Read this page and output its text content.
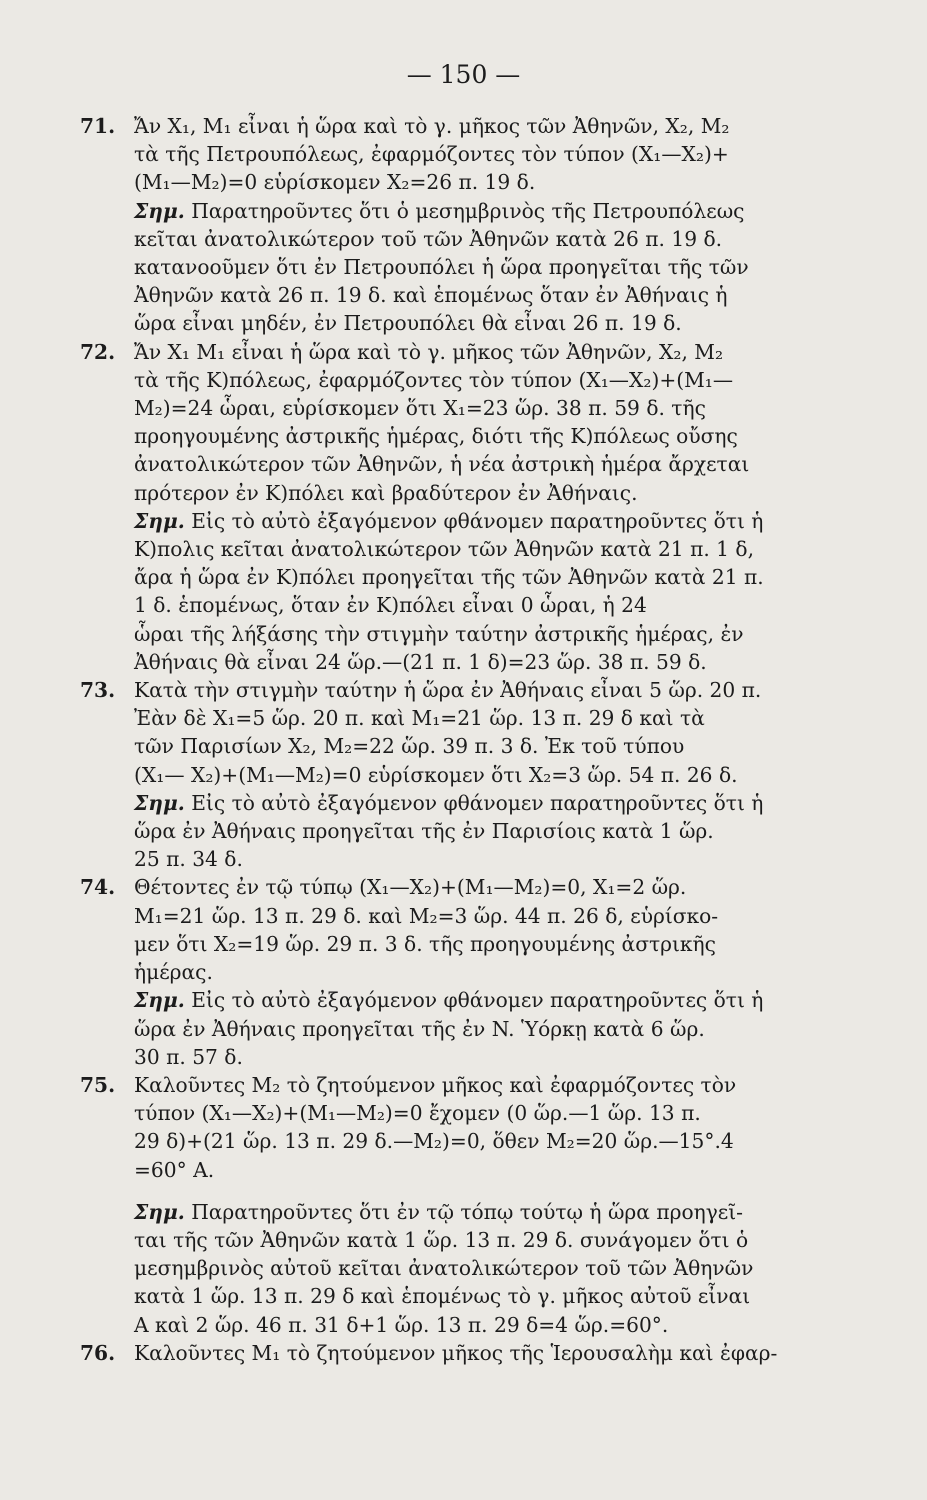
— 150 —
71. Ἄν X₁, M₁ εἶναι ἡ ὥρα καὶ τὸ γ. μῆκος τῶν Ἀθηνῶν, X₂, M₂
τὰ τῆς Πετρουπόλεως, ἐφαρμόζοντες τὸν τύπον (X₁—X₂)+
(M₁—M₂)=0 εὑρίσκομεν X₂=26 π. 19 δ.
Σημ. Παρατηροῦντες ὅτι ὁ μεσημβρινὸς τῆς Πετρουπόλεως
κεῖται ἀνατολικώτερον τοῦ τῶν Ἀθηνῶν κατὰ 26 π. 19 δ.
κατανοοῦμεν ὅτι ἐν Πετρουπόλει ἡ ὥρα προηγεῖται τῆς τῶν
Ἀθηνῶν κατὰ 26 π. 19 δ. καὶ ἑπομένως ὅταν ἐν Ἀθήναις ἡ
ὥρα εἶναι μηδέν, ἐν Πετρουπόλει θὰ εἶναι 26 π. 19 δ.
72. Ἄν X₁ M₁ εἶναι ἡ ὥρα καὶ τὸ γ. μῆκος τῶν Ἀθηνῶν, X₂, M₂
τὰ τῆς K)πόλεως, ἐφαρμόζοντες τὸν τύπον (X₁—X₂)+(M₁—
M₂)=24 ὧραι, εὑρίσκομεν ὅτι X₁=23 ὥρ. 38 π. 59 δ. τῆς
προηγουμένης ἀστρικῆς ἡμέρας, διότι τῆς K)πόλεως οὔσης
ἀνατολικώτερον τῶν Ἀθηνῶν, ἡ νέα ἀστρικὴ ἡμέρα ἄρχεται
πρότερον ἐν K)πόλει καὶ βραδύτερον ἐν Ἀθήναις.
Σημ. Εἰς τὸ αὐτὸ ἐξαγόμενον φθάνομεν παρατηροῦντες ὅτι ἡ
K)πολις κεῖται ἀνατολικώτερον τῶν Ἀθηνῶν κατὰ 21 π. 1 δ,
ἄρα ἡ ὥρα ἐν K)πόλει προηγεῖται τῆς τῶν Ἀθηνῶν κατὰ 21 π.
1 δ. ἑπομένως, ὅταν ἐν K)πόλει εἶναι 0 ὧραι, ἡ 24
ὧραι τῆς λήξάσης τὴν στιγμὴν ταύτην ἀστρικῆς ἡμέρας, ἐν
Ἀθήναις θὰ εἶναι 24 ὥρ.—(21 π. 1 δ)=23 ὥρ. 38 π. 59 δ.
73. Κατὰ τὴν στιγμὴν ταύτην ἡ ὥρα ἐν Ἀθήναις εἶναι 5 ὥρ. 20 π.
Ἐὰν δὲ X₁=5 ὥρ. 20 π. καὶ M₁=21 ὥρ. 13 π. 29 δ καὶ τὰ
τῶν Παρισίων X₂, M₂=22 ὥρ. 39 π. 3 δ. Ἐκ τοῦ τύπου
(X₁— X₂)+(M₁—M₂)=0 εὑρίσκομεν ὅτι X₂=3 ὥρ. 54 π. 26 δ.
Σημ. Εἰς τὸ αὐτὸ ἐξαγόμενον φθάνομεν παρατηροῦντες ὅτι ἡ
ὥρα ἐν Ἀθήναις προηγεῖται τῆς ἐν Παρισίοις κατὰ 1 ὥρ.
25 π. 34 δ.
74. Θέτοντες ἐν τῷ τύπῳ (X₁—X₂)+(M₁—M₂)=0, X₁=2 ὥρ.
M₁=21 ὥρ. 13 π. 29 δ. καὶ M₂=3 ὥρ. 44 π. 26 δ, εὑρίσκο-
μεν ὅτι X₂=19 ὥρ. 29 π. 3 δ. τῆς προηγουμένης ἀστρικῆς
ἡμέρας.
Σημ. Εἰς τὸ αὐτὸ ἐξαγόμενον φθάνομεν παρατηροῦντες ὅτι ἡ
ὥρα ἐν Ἀθήναις προηγεῖται τῆς ἐν N. Ὑόρκῃ κατὰ 6 ὥρ.
30 π. 57 δ.
75. Καλοῦντες M₂ τὸ ζητούμενον μῆκος καὶ ἐφαρμόζοντες τὸν
τύπον (X₁—X₂)+(M₁—M₂)=0 ἔχομεν (0 ὥρ.—1 ὥρ. 13 π.
29 δ)+(21 ὥρ. 13 π. 29 δ.—M₂)=0, ὅθεν M₂=20 ὥρ.—15°.4
=60° A.
Σημ. Παρατηροῦντες ὅτι ἐν τῷ τόπῳ τούτῳ ἡ ὥρα προηγεῖ-
ται τῆς τῶν Ἀθηνῶν κατὰ 1 ὥρ. 13 π. 29 δ. συνάγομεν ὅτι ὁ
μεσημβρινὸς αὐτοῦ κεῖται ἀνατολικώτερον τοῦ τῶν Ἀθηνῶν
κατὰ 1 ὥρ. 13 π. 29 δ καὶ ἑπομένως τὸ γ. μῆκος αὐτοῦ εἶναι
A καὶ 2 ὥρ. 46 π. 31 δ+1 ὥρ. 13 π. 29 δ=4 ὥρ.=60°.
76. Καλοῦντες M₁ τὸ ζητούμενον μῆκος τῆς Ἱερουσαλὴμ καὶ ἐφαρ-
